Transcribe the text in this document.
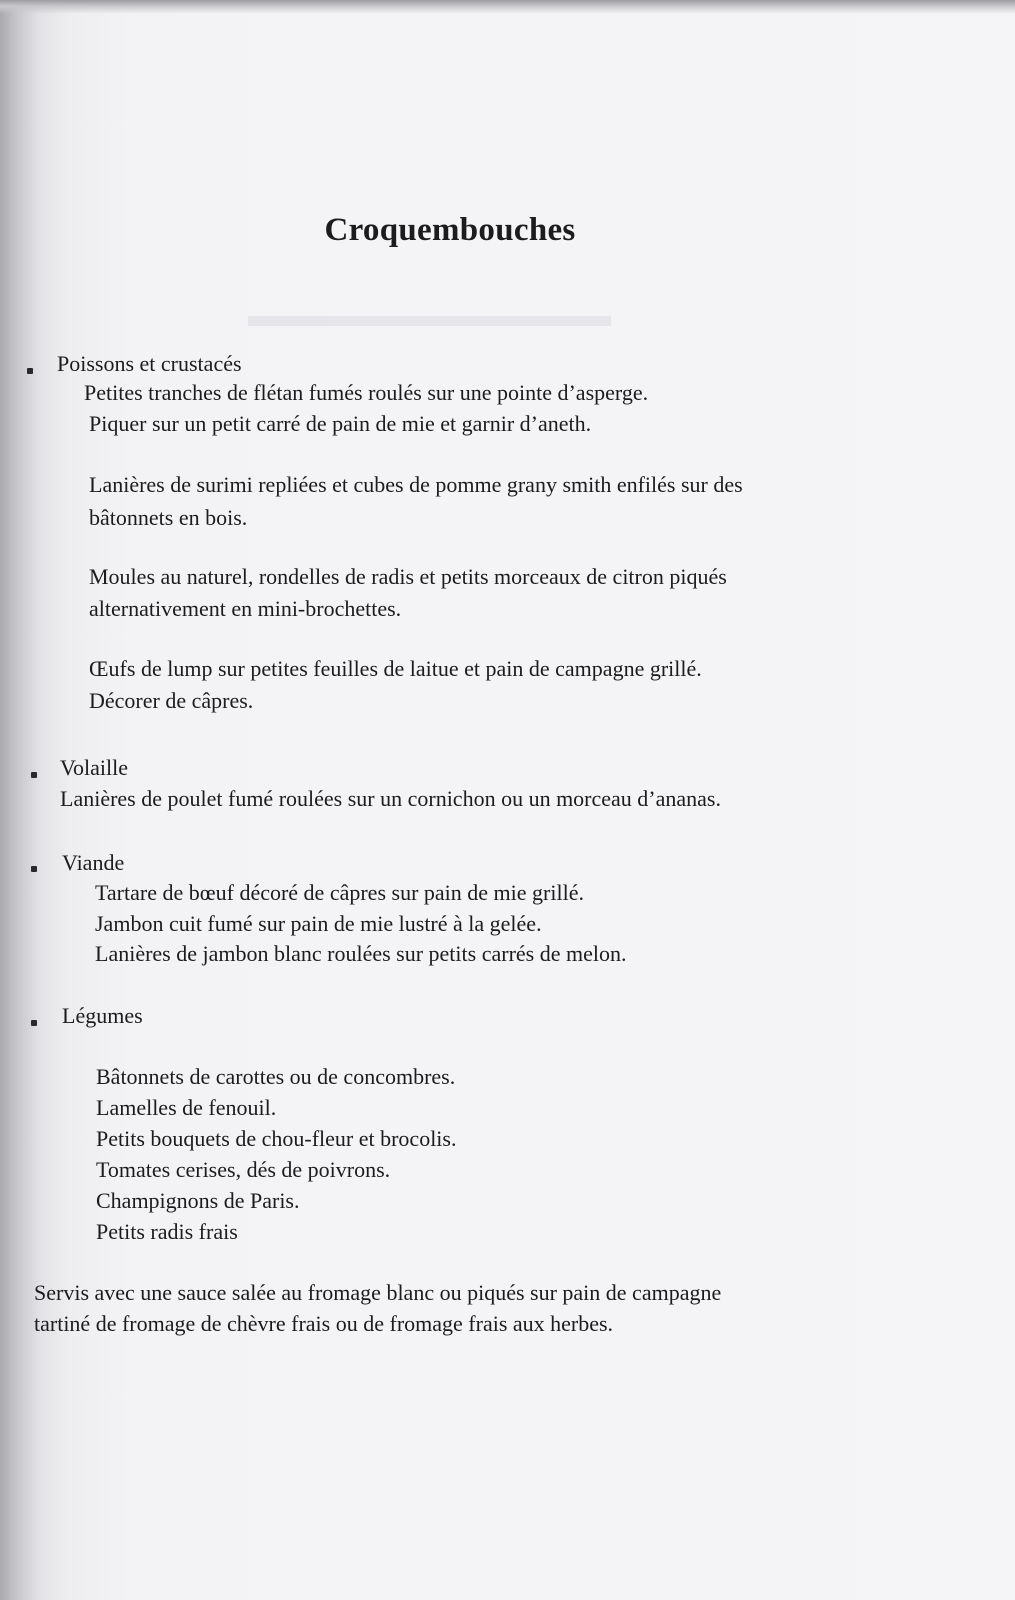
▬▬▬▬▬▬▬▬▬▬▬
Croquembouches
Poissons et crustacés
Petites tranches de flétan fumés roulés sur une pointe d’asperge.
Piquer sur un petit carré de pain de mie et garnir d’aneth.
Lanières de surimi repliées et cubes de pomme grany smith enfilés sur des
bâtonnets en bois.
Moules au naturel, rondelles de radis et petits morceaux de citron piqués
alternativement en mini-brochettes.
Œufs de lump sur petites feuilles de laitue et pain de campagne grillé.
Décorer de câpres.
Volaille
Lanières de poulet fumé roulées sur un cornichon ou un morceau d’ananas.
Viande
Tartare de bœuf décoré de câpres sur pain de mie grillé.
Jambon cuit fumé sur pain de mie lustré à la gelée.
Lanières de jambon blanc roulées sur petits carrés de melon.
Légumes
Bâtonnets de carottes ou de concombres.
Lamelles de fenouil.
Petits bouquets de chou-fleur et brocolis.
Tomates cerises, dés de poivrons.
Champignons de Paris.
Petits radis frais
Servis avec une sauce salée au fromage blanc ou piqués sur pain de campagne
tartiné de fromage de chèvre frais ou de fromage frais aux herbes.
